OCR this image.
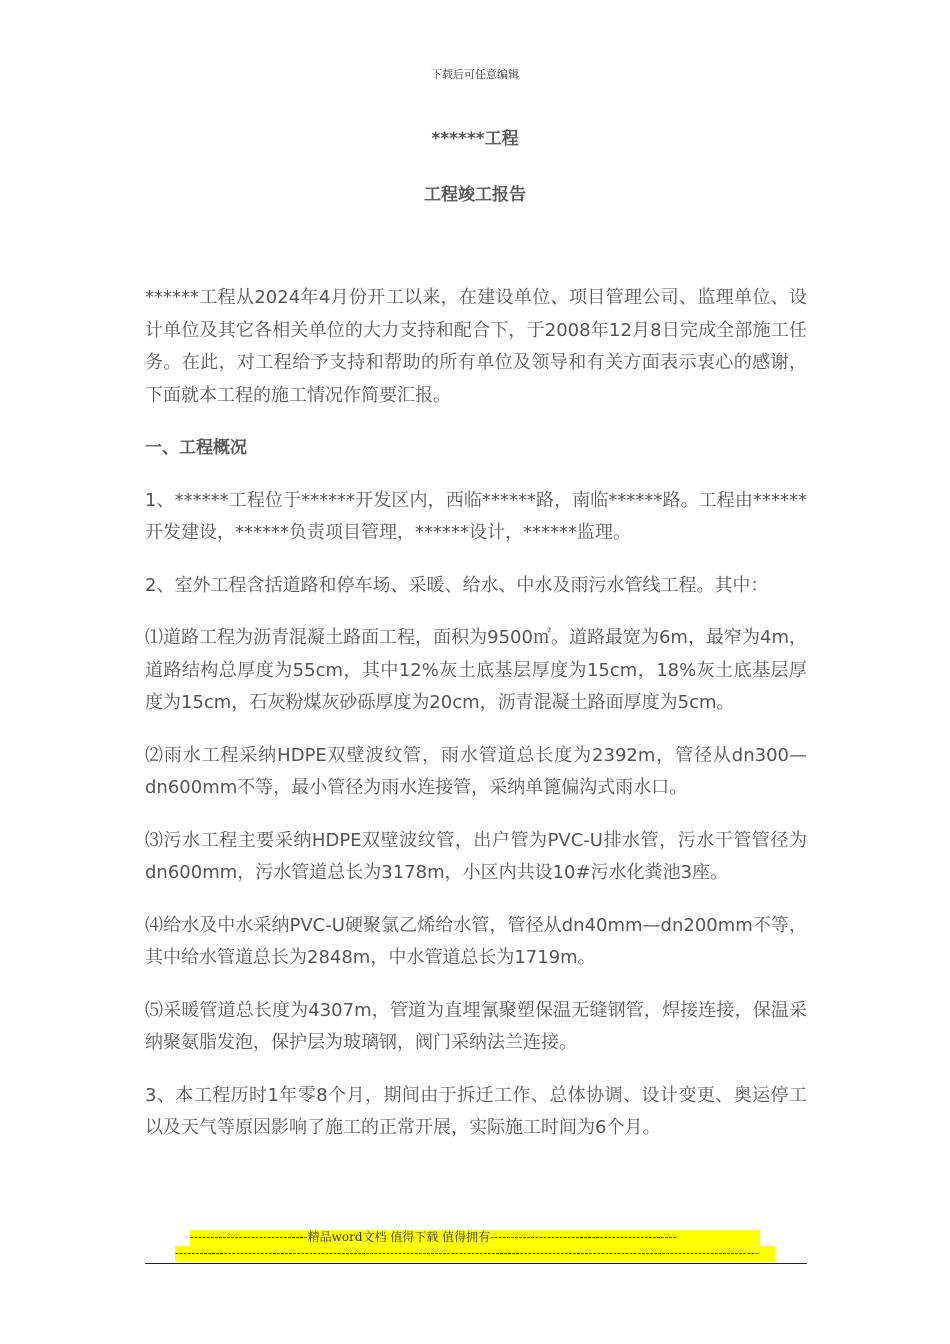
下载后可任意编辑
******工程
工程竣工报告

******工程从2024年4月份开工以来，在建设单位、项目管理公司、监理单位、设计单位及其它各相关单位的大力支持和配合下，于2008年12月8日完成全部施工任务。在此，对工程给予支持和帮助的所有单位及领导和有关方面表示衷心的感谢，下面就本工程的施工情况作简要汇报。

一、工程概况

1、******工程位于******开发区内，西临******路，南临******路。工程由******开发建设，******负责项目管理，******设计，******监理。

2、室外工程含括道路和停车场、采暖、给水、中水及雨污水管线工程。其中：

⑴道路工程为沥青混凝土路面工程，面积为9500㎡。道路最宽为6m，最窄为4m，道路结构总厚度为55cm，其中12%灰土底基层厚度为15cm，18%灰土底基层厚度为15cm，石灰粉煤灰砂砾厚度为20cm，沥青混凝土路面厚度为5cm。

⑵雨水工程采纳HDPE双壁波纹管，雨水管道总长度为2392m，管径从dn300—dn600mm不等，最小管径为雨水连接管，采纳单篦偏沟式雨水口。

⑶污水工程主要采纳HDPE双壁波纹管，出户管为PVC-U排水管，污水干管管径为dn600mm，污水管道总长为3178m，小区内共设10#污水化粪池3座。

⑷给水及中水采纳PVC-U硬聚氯乙烯给水管，管径从dn40mm—dn200mm不等，其中给水管道总长为2848m，中水管道总长为1719m。

⑸采暖管道总长度为4307m，管道为直埋氰聚塑保温无缝钢管，焊接连接，保温采纳聚氨脂发泡，保护层为玻璃钢，阀门采纳法兰连接。

3、本工程历时1年零8个月，期间由于拆迁工作、总体协调、设计变更、奥运停工以及天气等原因影响了施工的正常开展，实际施工时间为6个月。

-----------------------------精品word文档 值得下载 值得拥有----------------------------------------------
------------------------------------------------------------------------------------------------------------------------------------------------
